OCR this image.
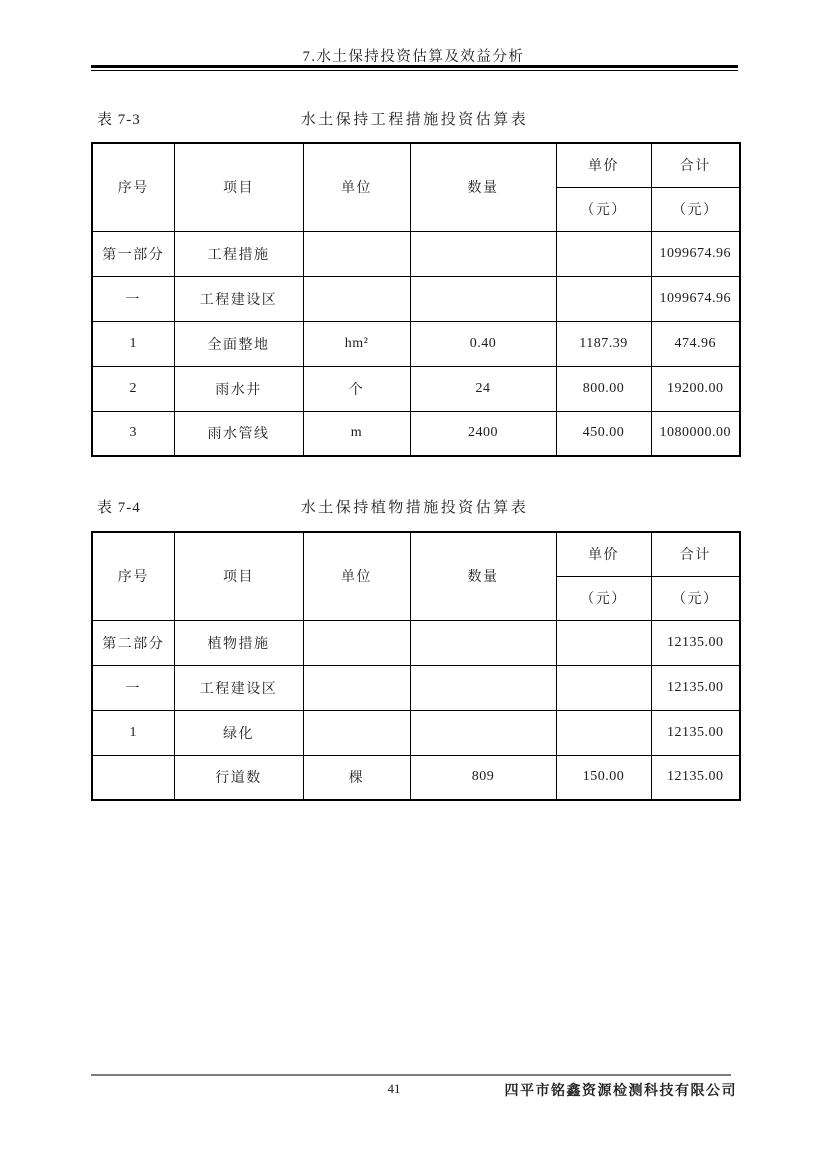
7.水土保持投资估算及效益分析
表 7-3	水土保持工程措施投资估算表
序号	项目	单位	数量	单价	合计
				（元）	（元）
第一部分	工程措施				1099674.96
一	工程建设区				1099674.96
1	全面整地	hm²	0.40	1187.39	474.96
2	雨水井	个	24	800.00	19200.00
3	雨水管线	m	2400	450.00	1080000.00
表 7-4	水土保持植物措施投资估算表
序号	项目	单位	数量	单价	合计
				（元）	（元）
第二部分	植物措施				12135.00
一	工程建设区				12135.00
1	绿化				12135.00
	行道数	棵	809	150.00	12135.00
41	四平市铭鑫资源检测科技有限公司
